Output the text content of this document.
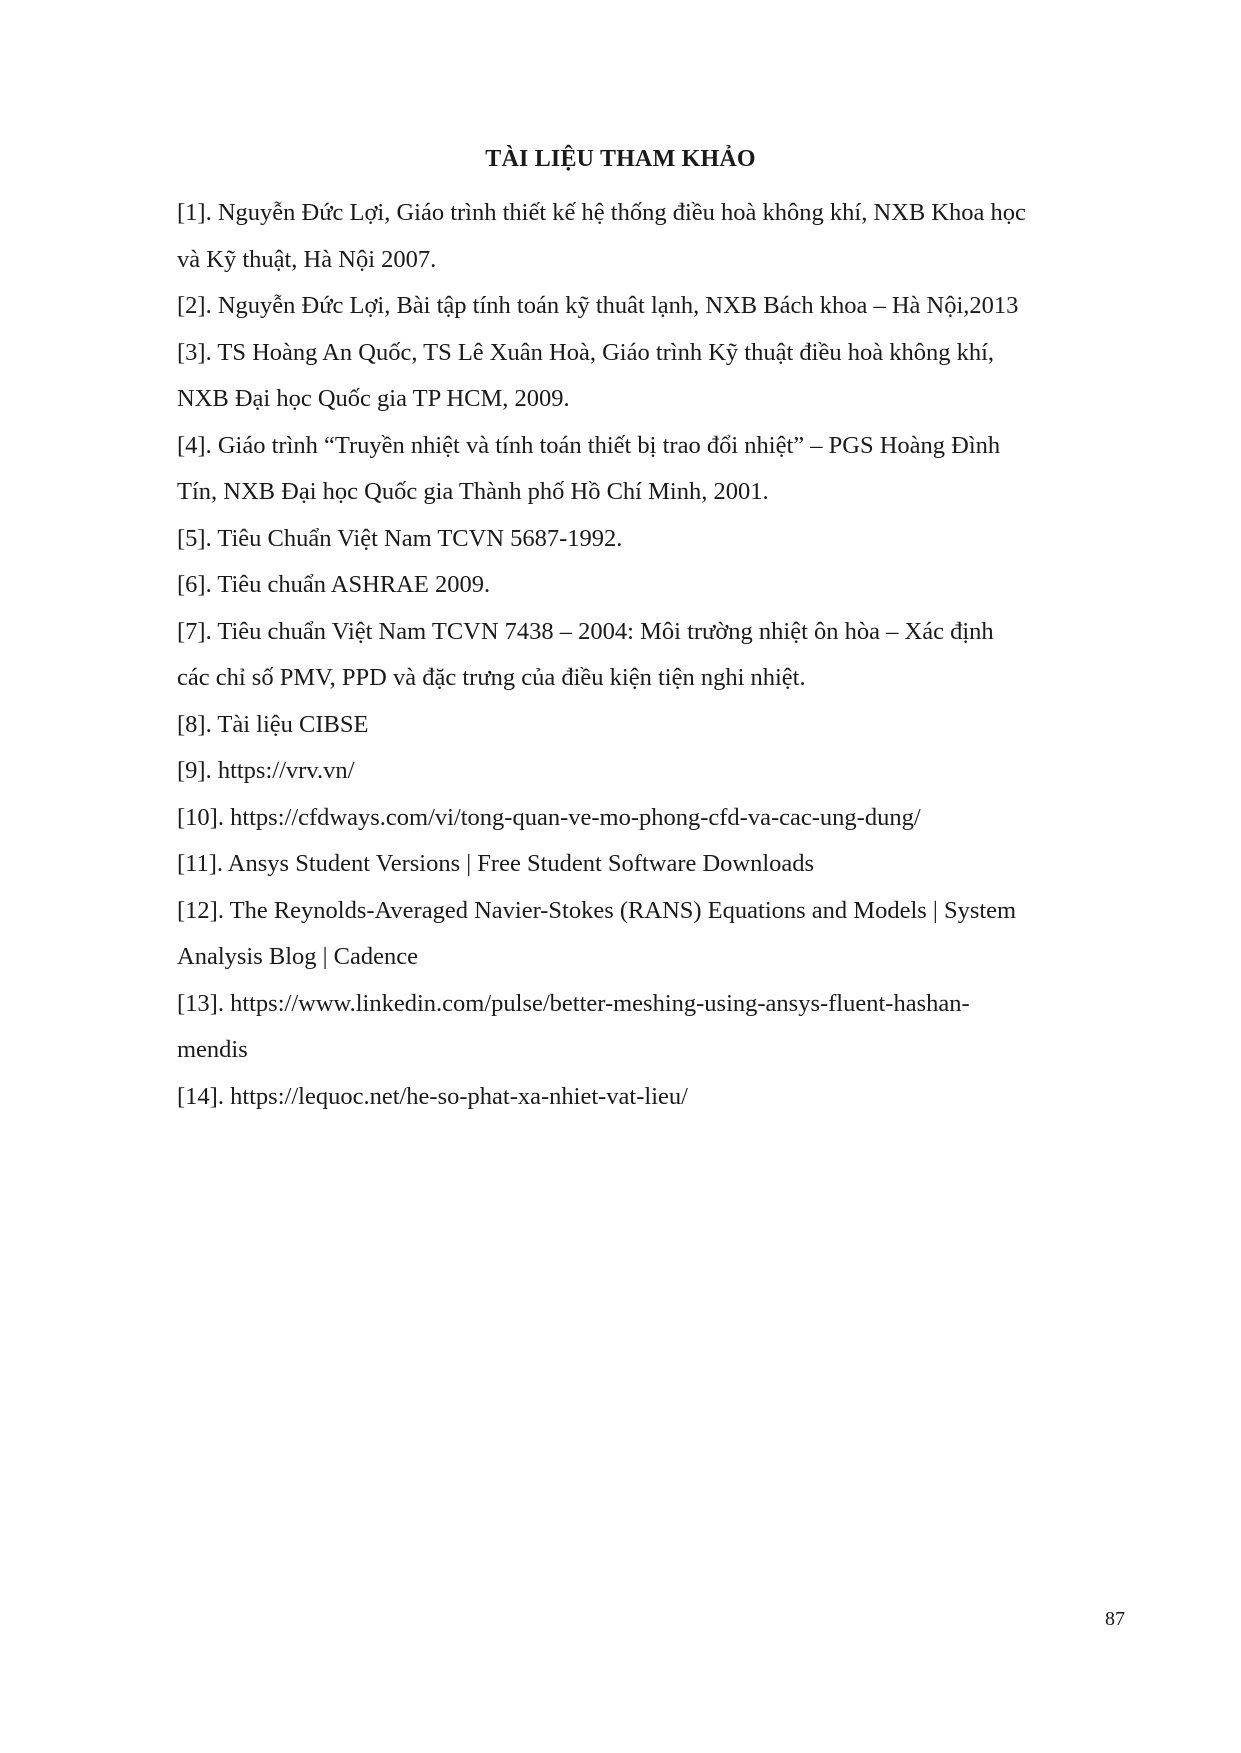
TÀI LIỆU THAM KHẢO
[1]. Nguyễn Đức Lợi, Giáo trình thiết kế hệ thống điều hoà không khí, NXB Khoa học
và Kỹ thuật, Hà Nội 2007.
[2]. Nguyễn Đức Lợi, Bài tập tính toán kỹ thuât lạnh, NXB Bách khoa – Hà Nội,2013
[3]. TS Hoàng An Quốc, TS Lê Xuân Hoà, Giáo trình Kỹ thuật điều hoà không khí,
NXB Đại học Quốc gia TP HCM, 2009.
[4]. Giáo trình “Truyền nhiệt và tính toán thiết bị trao đổi nhiệt” – PGS Hoàng Đình
Tín, NXB Đại học Quốc gia Thành phố Hồ Chí Minh, 2001.
[5]. Tiêu Chuẩn Việt Nam TCVN 5687-1992.
[6]. Tiêu chuẩn ASHRAE 2009.
[7]. Tiêu chuẩn Việt Nam TCVN 7438 – 2004: Môi trường nhiệt ôn hòa – Xác định
các chỉ số PMV, PPD và đặc trưng của điều kiện tiện nghi nhiệt.
[8]. Tài liệu CIBSE
[9]. https://vrv.vn/
[10]. https://cfdways.com/vi/tong-quan-ve-mo-phong-cfd-va-cac-ung-dung/
[11]. Ansys Student Versions | Free Student Software Downloads
[12]. The Reynolds-Averaged Navier-Stokes (RANS) Equations and Models | System
Analysis Blog | Cadence
[13]. https://www.linkedin.com/pulse/better-meshing-using-ansys-fluent-hashan-
mendis
[14]. https://lequoc.net/he-so-phat-xa-nhiet-vat-lieu/
87
